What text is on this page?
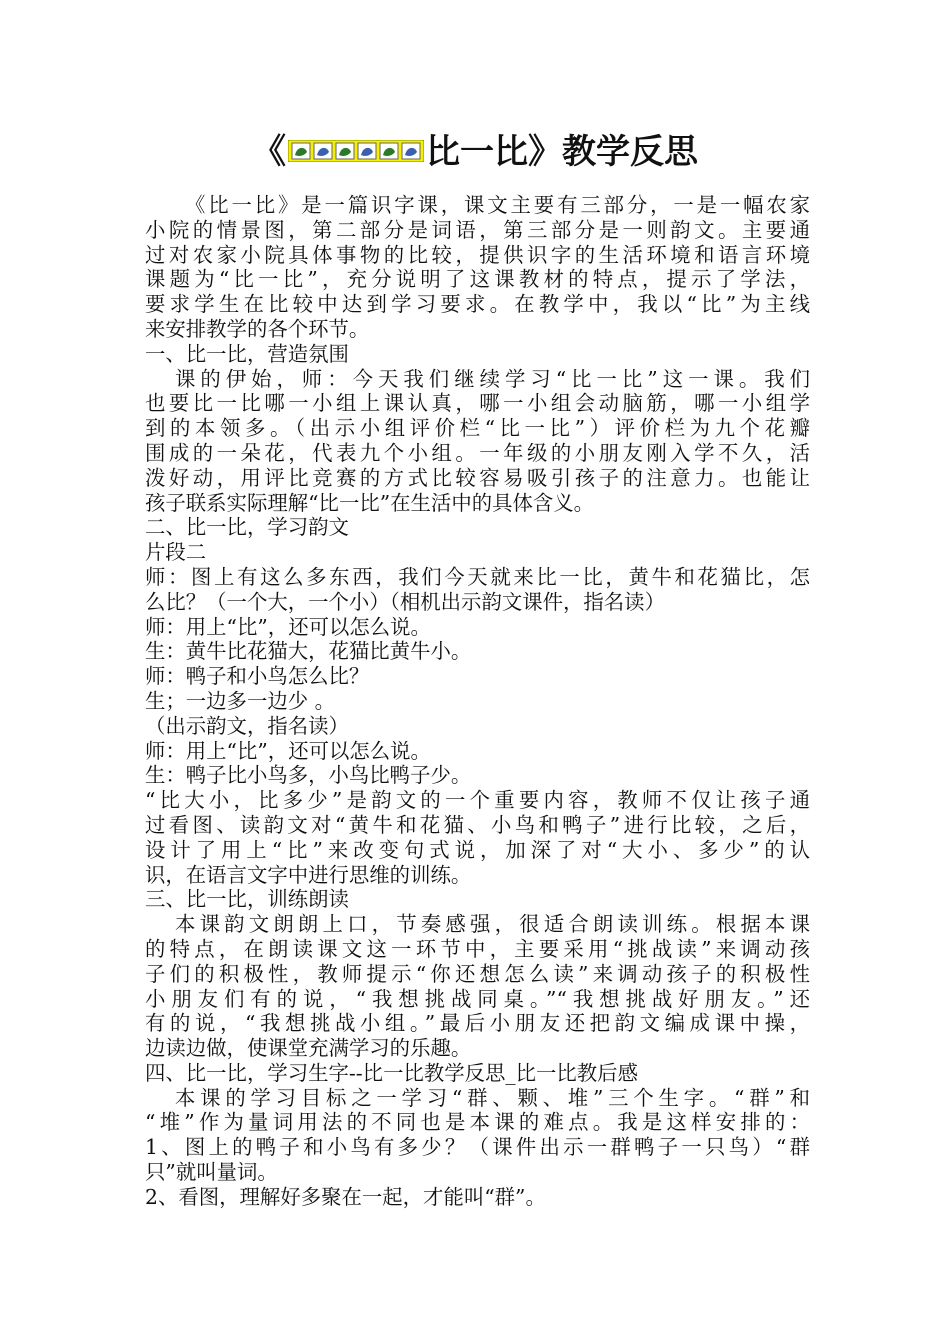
《	比一比》教学反思
《比一比》是一篇识字课，课文主要有三部分，一是一幅农家
小院的情景图，第二部分是词语，第三部分是一则韵文。主要通
过对农家小院具体事物的比较，提供识字的生活环境和语言环境
课题为“比一比”，充分说明了这课教材的特点，提示了学法，
要求学生在比较中达到学习要求。在教学中，我以“比”为主线
来安排教学的各个环节。
一、比一比，营造氛围
课的伊始，师：今天我们继续学习“比一比”这一课。我们
也要比一比哪一小组上课认真，哪一小组会动脑筋，哪一小组学
到的本领多。（出示小组评价栏“比一比”）评价栏为九个花瓣
围成的一朵花，代表九个小组。一年级的小朋友刚入学不久，活
泼好动，用评比竞赛的方式比较容易吸引孩子的注意力。也能让
孩子联系实际理解“比一比”在生活中的具体含义。
二、比一比，学习韵文
片段二
师：图上有这么多东西，我们今天就来比一比，黄牛和花猫比，怎
么比？（一个大，一个小）（相机出示韵文课件，指名读）
师：用上“比”，还可以怎么说。
生：黄牛比花猫大，花猫比黄牛小。
师：鸭子和小鸟怎么比？
生；一边多一边少 。
（出示韵文，指名读）
师：用上“比”，还可以怎么说。
生：鸭子比小鸟多，小鸟比鸭子少。
“比大小，比多少”是韵文的一个重要内容，教师不仅让孩子通
过看图、读韵文对“黄牛和花猫、小鸟和鸭子”进行比较，之后，
设计了用上“比”来改变句式说，加深了对“大小、多少”的认
识，在语言文字中进行思维的训练。
三、比一比，训练朗读
本课韵文朗朗上口，节奏感强，很适合朗读训练。根据本课
的特点，在朗读课文这一环节中，主要采用“挑战读”来调动孩
子们的积极性，教师提示“你还想怎么读”来调动孩子的积极性
小朋友们有的说，“我想挑战同桌。”“我想挑战好朋友。”还
有的说，“我想挑战小组。”最后小朋友还把韵文编成课中操，
边读边做，使课堂充满学习的乐趣。
四、比一比，学习生字--比一比教学反思_比一比教后感
本课的学习目标之一学习“群、颗、堆”三个生字。“群”和
“堆”作为量词用法的不同也是本课的难点。我是这样安排的：
1、图上的鸭子和小鸟有多少？（课件出示一群鸭子一只鸟）“群
只”就叫量词。
2、看图，理解好多聚在一起，才能叫“群”。
